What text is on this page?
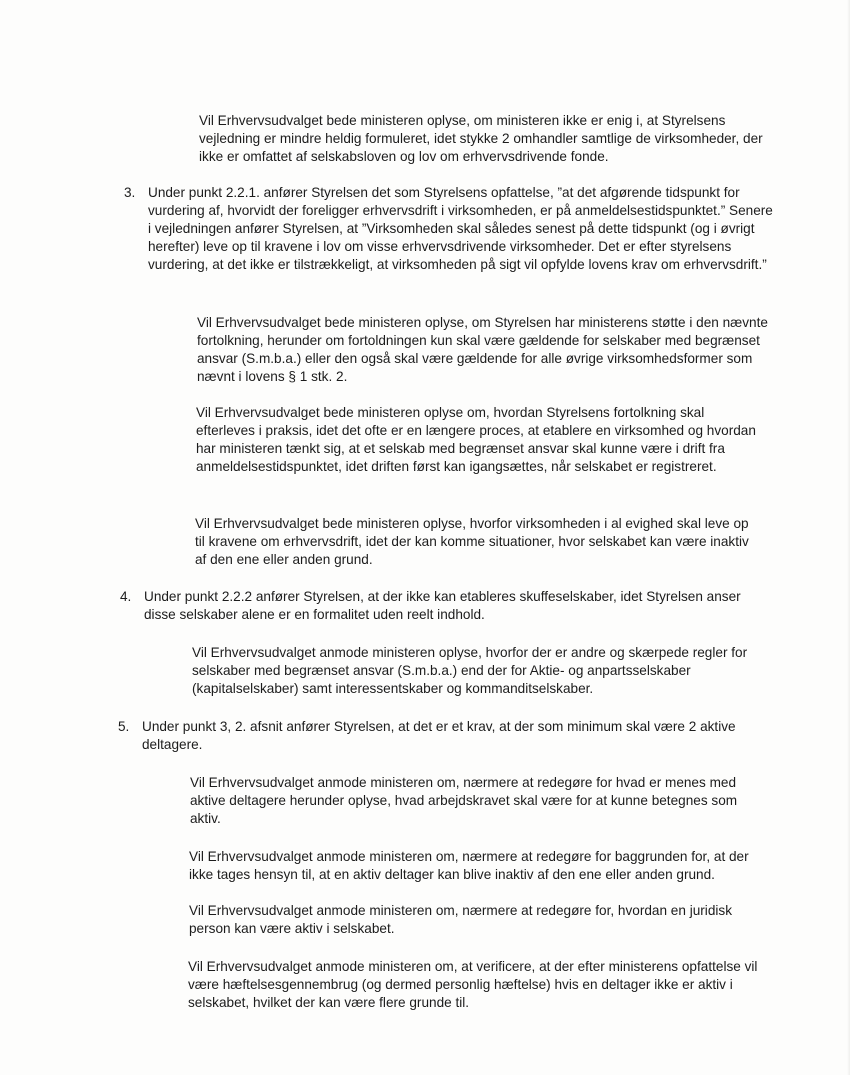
Vil Erhvervsudvalget bede ministeren oplyse, om ministeren ikke er enig i, at Styrelsens vejledning er mindre heldig formuleret, idet stykke 2 omhandler samtlige de virksomheder, der ikke er omfattet af selskabsloven og lov om erhvervsdrivende fonde.

3. Under punkt 2.2.1. anfører Styrelsen det som Styrelsens opfattelse, ”at det afgørende tidspunkt for vurdering af, hvorvidt der foreligger erhvervsdrift i virksomheden, er på anmeldelsestidspunktet.” Senere i vejledningen anfører Styrelsen, at ”Virksomheden skal således senest på dette tidspunkt (og i øvrigt herefter) leve op til kravene i lov om visse erhvervsdrivende virksomheder. Det er efter styrelsens vurdering, at det ikke er tilstrækkeligt, at virksomheden på sigt vil opfylde lovens krav om erhvervsdrift.”

Vil Erhvervsudvalget bede ministeren oplyse, om Styrelsen har ministerens støtte i den nævnte fortolkning, herunder om fortoldningen kun skal være gældende for selskaber med begrænset ansvar (S.m.b.a.) eller den også skal være gældende for alle øvrige virksomhedsformer som nævnt i lovens § 1 stk. 2.

Vil Erhvervsudvalget bede ministeren oplyse om, hvordan Styrelsens fortolkning skal efterleves i praksis, idet det ofte er en længere proces, at etablere en virksomhed og hvordan har ministeren tænkt sig, at et selskab med begrænset ansvar skal kunne være i drift fra anmeldelsestidspunktet, idet driften først kan igangsættes, når selskabet er registreret.

Vil Erhvervsudvalget bede ministeren oplyse, hvorfor virksomheden i al evighed skal leve op til kravene om erhvervsdrift, idet der kan komme situationer, hvor selskabet kan være inaktiv af den ene eller anden grund.

4. Under punkt 2.2.2 anfører Styrelsen, at der ikke kan etableres skuffeselskaber, idet Styrelsen anser disse selskaber alene er en formalitet uden reelt indhold.

Vil Erhvervsudvalget anmode ministeren oplyse, hvorfor der er andre og skærpede regler for selskaber med begrænset ansvar (S.m.b.a.) end der for Aktie- og anpartsselskaber (kapitalselskaber) samt interessentskaber og kommanditselskaber.

5. Under punkt 3, 2. afsnit anfører Styrelsen, at det er et krav, at der som minimum skal være 2 aktive deltagere.

Vil Erhvervsudvalget anmode ministeren om, nærmere at redegøre for hvad er menes med aktive deltagere herunder oplyse, hvad arbejdskravet skal være for at kunne betegnes som aktiv.

Vil Erhvervsudvalget anmode ministeren om, nærmere at redegøre for baggrunden for, at der ikke tages hensyn til, at en aktiv deltager kan blive inaktiv af den ene eller anden grund.

Vil Erhvervsudvalget anmode ministeren om, nærmere at redegøre for, hvordan en juridisk person kan være aktiv i selskabet.

Vil Erhvervsudvalget anmode ministeren om, at verificere, at der efter ministerens opfattelse vil være hæftelsesgennembrug (og dermed personlig hæftelse) hvis en deltager ikke er aktiv i selskabet, hvilket der kan være flere grunde til.
